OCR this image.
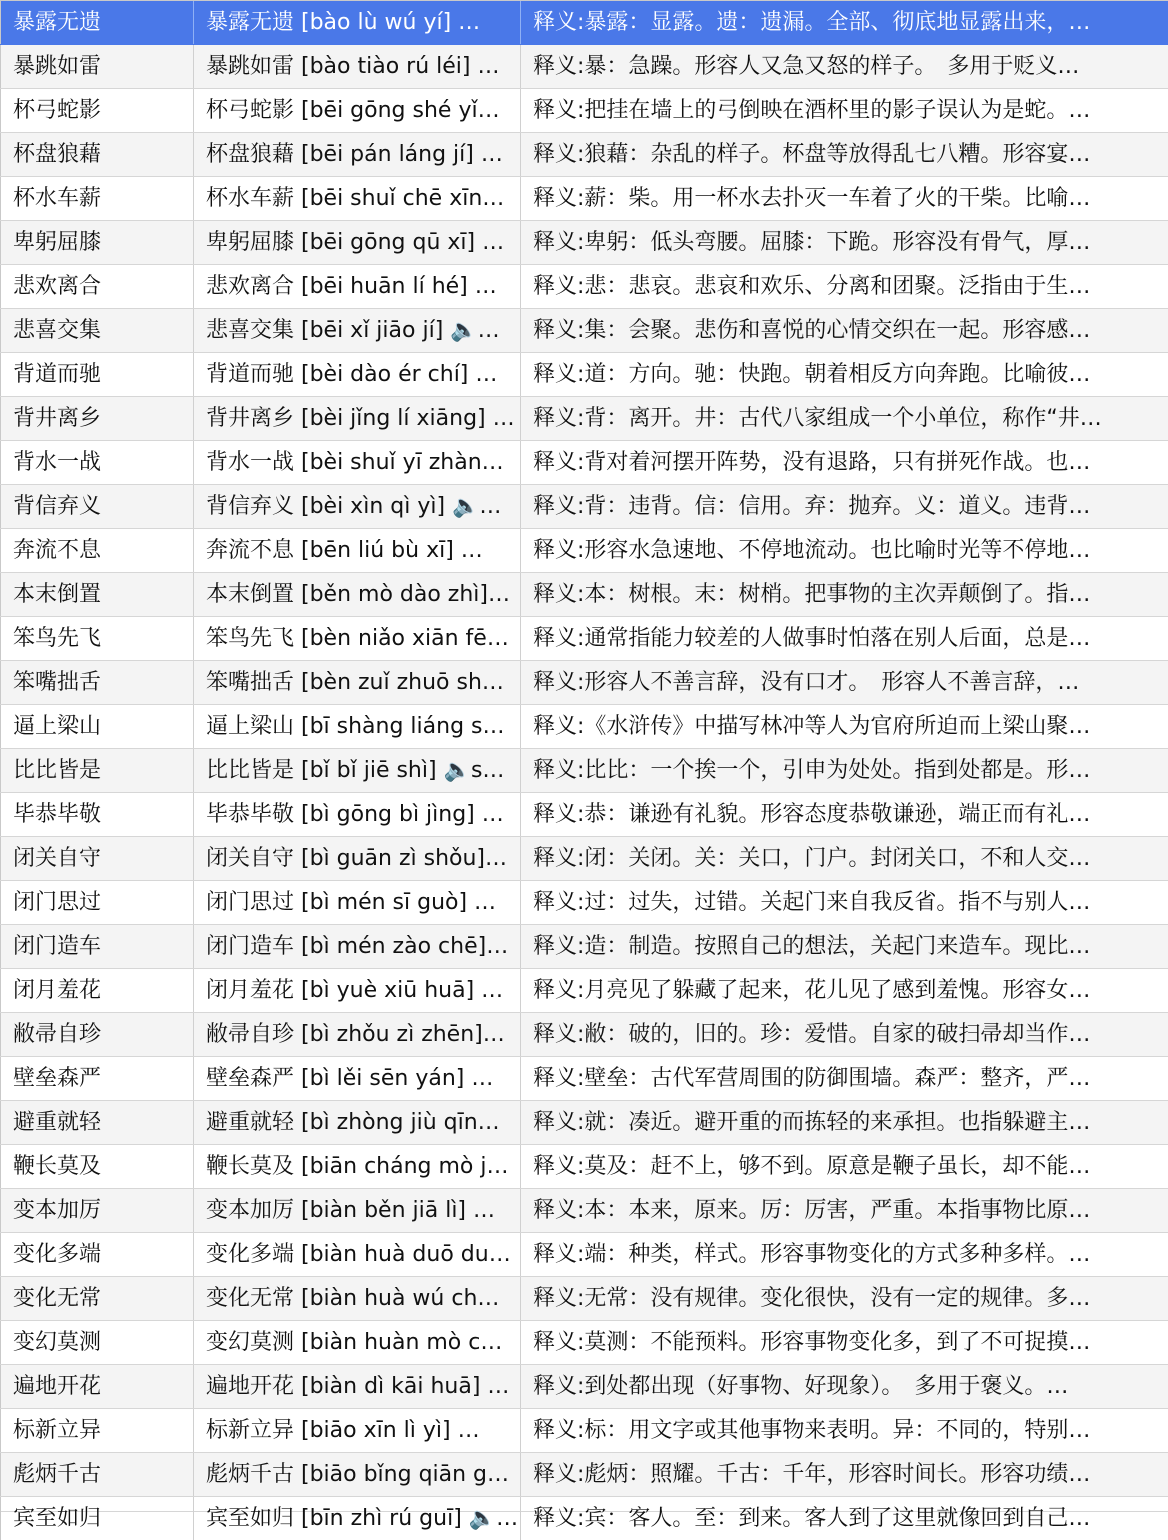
暴露无遗	暴露无遗 [bào lù wú yí] …	释义:暴露：显露。遗：遗漏。全部、彻底地显露出来，…
暴跳如雷	暴跳如雷 [bào tiào rú léi] …	释义:暴：急躁。形容人又急又怒的样子。　多用于贬义…
杯弓蛇影	杯弓蛇影 [bēi gōng shé yǐ…	释义:把挂在墙上的弓倒映在酒杯里的影子误认为是蛇。…
杯盘狼藉	杯盘狼藉 [bēi pán láng jí] …	释义:狼藉：杂乱的样子。杯盘等放得乱七八糟。形容宴…
杯水车薪	杯水车薪 [bēi shuǐ chē xīn…	释义:薪：柴。用一杯水去扑灭一车着了火的干柴。比喻…
卑躬屈膝	卑躬屈膝 [bēi gōng qū xī] …	释义:卑躬：低头弯腰。屈膝：下跪。形容没有骨气，厚…
悲欢离合	悲欢离合 [bēi huān lí hé] …	释义:悲：悲哀。悲哀和欢乐、分离和团聚。泛指由于生…
悲喜交集	悲喜交集 [bēi xǐ jiāo jí] 🔈…	释义:集：会聚。悲伤和喜悦的心情交织在一起。形容感…
背道而驰	背道而驰 [bèi dào ér chí] …	释义:道：方向。驰：快跑。朝着相反方向奔跑。比喻彼…
背井离乡	背井离乡 [bèi jǐng lí xiāng] … 释义:背：离开。井：古代八家组成一个小单位，称作“井…
背水一战	背水一战 [bèi shuǐ yī zhàn…	释义:背对着河摆开阵势，没有退路，只有拼死作战。也…
背信弃义	背信弃义 [bèi xìn qì yì] 🔈…	释义:背：违背。信：信用。弃：抛弃。义：道义。违背…
奔流不息	奔流不息 [bēn liú bù xī] …	释义:形容水急速地、不停地流动。也比喻时光等不停地…
本末倒置	本末倒置 [běn mò dào zhì]…	释义:本：树根。末：树梢。把事物的主次弄颠倒了。指…
笨鸟先飞	笨鸟先飞 [bèn niǎo xiān fē…	释义:通常指能力较差的人做事时怕落在别人后面，总是…
笨嘴拙舌	笨嘴拙舌 [bèn zuǐ zhuō sh…	释义:形容人不善言辞，没有口才。　形容人不善言辞，…
逼上梁山	逼上梁山 [bī shàng liáng s…	释义:《水浒传》中描写林冲等人为官府所迫而上梁山聚…
比比皆是	比比皆是 [bǐ bǐ jiē shì] 🔈s…	释义:比比：一个挨一个，引申为处处。指到处都是。形…
毕恭毕敬	毕恭毕敬 [bì gōng bì jìng] …	释义:恭：谦逊有礼貌。形容态度恭敬谦逊，端正而有礼…
闭关自守	闭关自守 [bì guān zì shǒu]…	释义:闭：关闭。关：关口，门户。封闭关口，不和人交…
闭门思过	闭门思过 [bì mén sī guò] …	释义:过：过失，过错。关起门来自我反省。指不与别人…
闭门造车	闭门造车 [bì mén zào chē]…	释义:造：制造。按照自己的想法，关起门来造车。现比…
闭月羞花	闭月羞花 [bì yuè xiū huā] …	释义:月亮见了躲藏了起来，花儿见了感到羞愧。形容女…
敝帚自珍	敝帚自珍 [bì zhǒu zì zhēn]…	释义:敝：破的，旧的。珍：爱惜。自家的破扫帚却当作…
壁垒森严	壁垒森严 [bì lěi sēn yán] …	释义:壁垒：古代军营周围的防御围墙。森严：整齐，严…
避重就轻	避重就轻 [bì zhòng jiù qīn…	释义:就：凑近。避开重的而拣轻的来承担。也指躲避主…
鞭长莫及	鞭长莫及 [biān cháng mò j…	释义:莫及：赶不上，够不到。原意是鞭子虽长，却不能…
变本加厉	变本加厉 [biàn běn jiā lì] …	释义:本：本来，原来。厉：厉害，严重。本指事物比原…
变化多端	变化多端 [biàn huà duō du…	释义:端：种类，样式。形容事物变化的方式多种多样。…
变化无常	变化无常 [biàn huà wú ch…	释义:无常：没有规律。变化很快，没有一定的规律。多…
变幻莫测	变幻莫测 [biàn huàn mò c…	释义:莫测：不能预料。形容事物变化多，到了不可捉摸…
遍地开花	遍地开花 [biàn dì kāi huā] …	释义:到处都出现（好事物、好现象）。　多用于褒义。…
标新立异	标新立异 [biāo xīn lì yì] …	释义:标：用文字或其他事物来表明。异：不同的，特别…
彪炳千古	彪炳千古 [biāo bǐng qiān g…	释义:彪炳：照耀。千古：千年，形容时间长。形容功绩…
宾至如归	宾至如归 [bīn zhì rú guī] 🔈… 释义:宾：客人。至：到来。客人到了这里就像回到自己…
